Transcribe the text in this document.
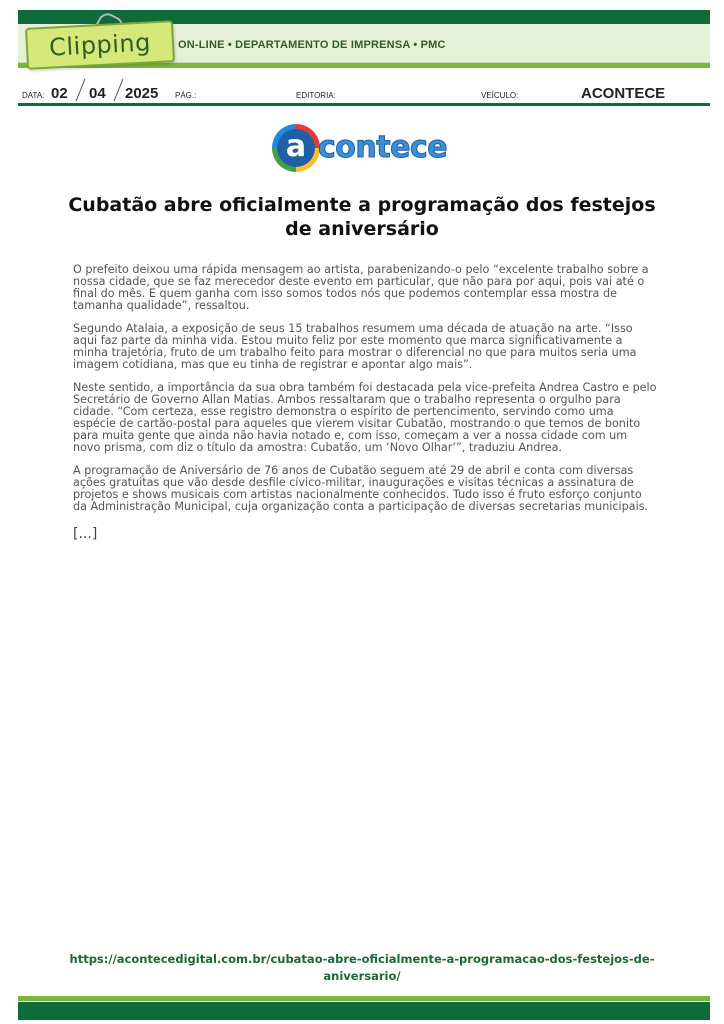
Clipping ON-LINE • DEPARTAMENTO DE IMPRENSA • PMC
DATA: 02 04 2025 PÁG.:	EDITORIA:	VEÍCULO:	ACONTECE
a contece
Cubatão abre oficialmente a programação dos festejos de aniversário

O prefeito deixou uma rápida mensagem ao artista, parabenizando-o pelo “excelente trabalho sobre a nossa cidade, que se faz merecedor deste evento em particular, que não para por aqui, pois vai até o final do mês. E quem ganha com isso somos todos nós que podemos contemplar essa mostra de tamanha qualidade”, ressaltou.

Segundo Atalaia, a exposição de seus 15 trabalhos resumem uma década de atuação na arte. “Isso aqui faz parte da minha vida. Estou muito feliz por este momento que marca significativamente a minha trajetória, fruto de um trabalho feito para mostrar o diferencial no que para muitos seria uma imagem cotidiana, mas que eu tinha de registrar e apontar algo mais”.

Neste sentido, a importância da sua obra também foi destacada pela vice-prefeita Andrea Castro e pelo Secretário de Governo Allan Matias. Ambos ressaltaram que o trabalho representa o orgulho para cidade. “Com certeza, esse registro demonstra o espírito de pertencimento, servindo como uma espécie de cartão-postal para aqueles que vierem visitar Cubatão, mostrando o que temos de bonito para muita gente que ainda não havia notado e, com isso, começam a ver a nossa cidade com um novo prisma, com diz o título da amostra: Cubatão, um ‘Novo Olhar’”, traduziu Andrea.

A programação de Aniversário de 76 anos de Cubatão seguem até 29 de abril e conta com diversas ações gratuitas que vão desde desfile cívico-militar, inaugurações e visitas técnicas a assinatura de projetos e shows musicais com artistas nacionalmente conhecidos. Tudo isso é fruto esforço conjunto da Administração Municipal, cuja organização conta a participação de diversas secretarias municipais.

[...]
https://acontecedigital.com.br/cubatao-abre-oficialmente-a-programacao-dos-festejos-de-aniversario/
